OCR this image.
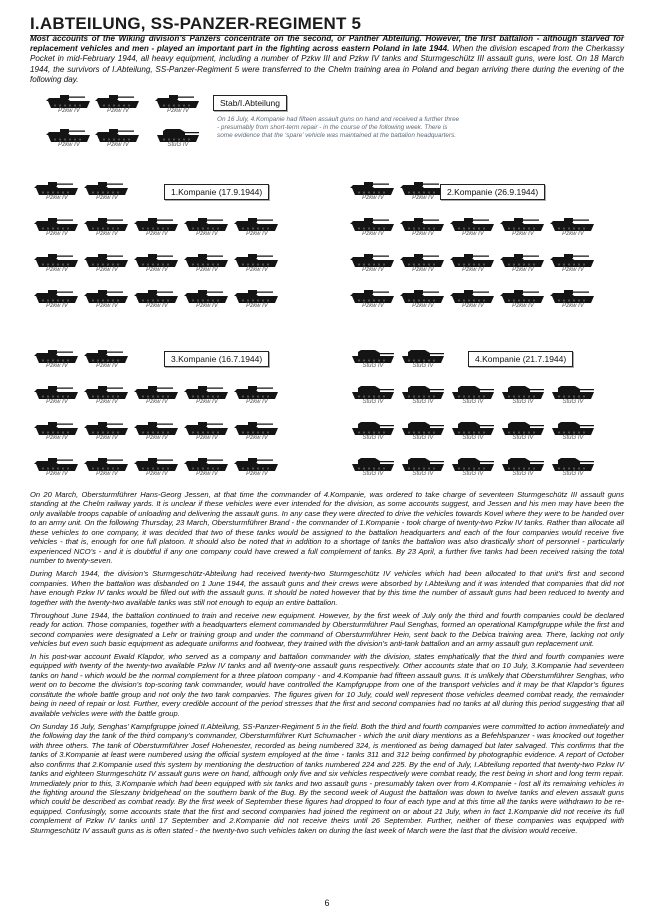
I.ABTEILUNG, SS-PANZER-REGIMENT 5
Most accounts of the Wiking division’s Panzers concentrate on the second, or Panther Abteilung. However, the first battalion - although starved for replacement vehicles and men - played an important part in the fighting across eastern Poland in late 1944. When the division escaped from the Cherkassy Pocket in mid-February 1944, all heavy equipment, including a number of Pzkw III and Pzkw IV tanks and Sturmgeschütz III assault guns, were lost. On 18 March 1944, the survivors of I.Abteilung, SS-Panzer-Regiment 5 were transferred to the Chelm training area in Poland and began arriving there during the evening of the following day.
Pzkw IV	Pzkw IV	Pzkw IV
Pzkw IV	Pzkw IV	StuG IV
Pzkw IV	Pzkw IV
Pzkw IV	Pzkw IV	Pzkw IV	Pzkw IV	Pzkw IV
Pzkw IV	Pzkw IV	Pzkw IV	Pzkw IV	Pzkw IV
Pzkw IV	Pzkw IV	Pzkw IV	Pzkw IV	Pzkw IV
Pzkw IV	Pzkw IV
Pzkw IV	Pzkw IV	Pzkw IV	Pzkw IV	Pzkw IV
Pzkw IV	Pzkw IV	Pzkw IV	Pzkw IV	Pzkw IV
Pzkw IV	Pzkw IV	Pzkw IV	Pzkw IV	Pzkw IV
Pzkw IV	Pzkw IV
Pzkw IV	Pzkw IV	Pzkw IV	Pzkw IV	Pzkw IV
Pzkw IV	Pzkw IV	Pzkw IV	Pzkw IV	Pzkw IV
Pzkw IV	Pzkw IV	Pzkw IV	Pzkw IV	Pzkw IV
StuG IV	StuG IV
StuG IV	StuG IV	StuG IV	StuG IV	StuG IV
StuG IV	StuG IV	StuG IV	StuG IV	StuG IV
StuG IV	StuG IV	StuG IV	StuG IV	StuG IV
Stab/I.Abteilung
On 16 July, 4.Kompanie had fifteen assault guns on hand and received a further three - presumably from short-term repair - in the course of the following week. There is some evidence that the ‘spare’ vehicle was maintained at the battalion headquarters.
1.Kompanie (17.9.1944)	2.Kompanie (26.9.1944)
3.Kompanie (16.7.1944)	4.Kompanie (21.7.1944)

On 20 March, Obersturmführer Hans-Georg Jessen, at that time the commander of 4.Kompanie, was ordered to take charge of seventeen Sturmgeschütz III assault guns standing at the Chelm railway yards. It is unclear if these vehicles were ever intended for the division, as some accounts suggest, and Jessen and his men may have been the only available troops capable of unloading and delivering the assault guns. In any case they were directed to drive the vehicles towards Kovel where they were to be handed over to an army unit. On the following Thursday, 23 March, Obersturmführer Brand - the commander of 1.Kompanie - took charge of twenty-two Pzkw IV tanks. Rather than allocate all these vehicles to one company, it was decided that two of these tanks would be assigned to the battalion headquarters and each of the four companies would receive five vehicles - that is, enough for one full platoon. It should also be noted that in addition to a shortage of tanks the battalion was also drastically short of personnel - particularly experienced NCO’s - and it is doubtful if any one company could have crewed a full complement of tanks. By 23 April, a further five tanks had been received raising the total number to twenty-seven.

During March 1944, the division’s Sturmgeschütz-Abteilung had received twenty-two Sturmgeschütz IV vehicles which had been allocated to that unit’s first and second companies. When the battalion was disbanded on 1 June 1944, the assault guns and their crews were absorbed by I.Abteilung and it was intended that companies that did not have enough Pzkw IV tanks would be filled out with the assault guns. It should be noted however that by this time the number of assault guns had been reduced to twenty and together with the twenty-two available tanks was still not enough to equip an entire battalion.

Throughout June 1944, the battalion continued to train and receive new equipment. However, by the first week of July only the third and fourth companies could be declared ready for action. Those companies, together with a headquarters element commanded by Obersturmführer Paul Senghas, formed an operational Kampfgruppe while the first and second companies were designated a Lehr or training group and under the command of Obersturmführer Hein, sent back to the Debica training area. There, lacking not only vehicles but even such basic equipment as adequate uniforms and footwear, they trained with the division’s anti-tank battalion and an army assault gun replacement unit.

In his post-war account Ewald Klapdor, who served as a company and battalion commander with the division, states emphatically that the third and fourth companies were equipped with twenty of the twenty-two available Pzkw IV tanks and all twenty-one assault guns respectively. Other accounts state that on 10 July, 3.Kompanie had seventeen tanks on hand - which would be the normal complement for a three platoon company - and 4.Kompanie had fifteen assault guns. It is unlikely that Oberstumführer Senghas, who went on to become the division’s top-scoring tank commander, would have controlled the Kampfgruppe from one of the transport vehicles and it may be that Klapdor’s figures constitute the whole battle group and not only the two tank companies. The figures given for 10 July, could well represent those vehicles deemed combat ready, the remainder being in need of repair or lost. Further, every credible account of the period stresses that the first and second companies had no tanks at all during this period suggesting that all available vehicles were with the battle group.

On Sunday 16 July, Senghas’ Kampfgruppe joined II.Abteilung, SS-Panzer-Regiment 5 in the field. Both the third and fourth companies were committed to action immediately and the following day the tank of the third company’s commander, Obersturmführer Kurt Schumacher - which the unit diary mentions as a Befehlspanzer - was knocked out together with three others. The tank of Obersturmführer Josef Hohenester, recorded as being numbered 324, is mentioned as being damaged but later salvaged. This confirms that the tanks of 3.Kompanie at least were numbered using the official system employed at the time - tanks 311 and 312 being confirmed by photographic evidence. A report of October also confirms that 2.Kompanie used this system by mentioning the destruction of tanks numbered 224 and 225. By the end of July, I.Abteilung reported that twenty-two Pzkw IV tanks and eighteen Sturmgeschütz IV assault guns were on hand, although only five and six vehicles respectively were combat ready, the rest being in short and long term repair. Immediately prior to this, 3.Kompanie which had been equipped with six tanks and two assault guns - presumably taken over from 4.Kompanie - lost all its remaining vehicles in the fighting around the Sleszany bridgehead on the southern bank of the Bug. By the second week of August the battalion was down to twelve tanks and eleven assault guns which could be described as combat ready. By the first week of September these figures had dropped to four of each type and at this time all the tanks were withdrawn to be re-equipped. Confusingly, some accounts state that the first and second companies had joined the regiment on or about 21 July, when in fact 1.Kompanie did not receive its full complement of Pzkw IV tanks until 17 September and 2.Kompanie did not receive theirs until 26 September. Further, neither of these companies was equipped with Sturmgeschütz IV assault guns as is often stated - the twenty-two such vehicles taken on during the last week of March were the last that the division would receive.

6
